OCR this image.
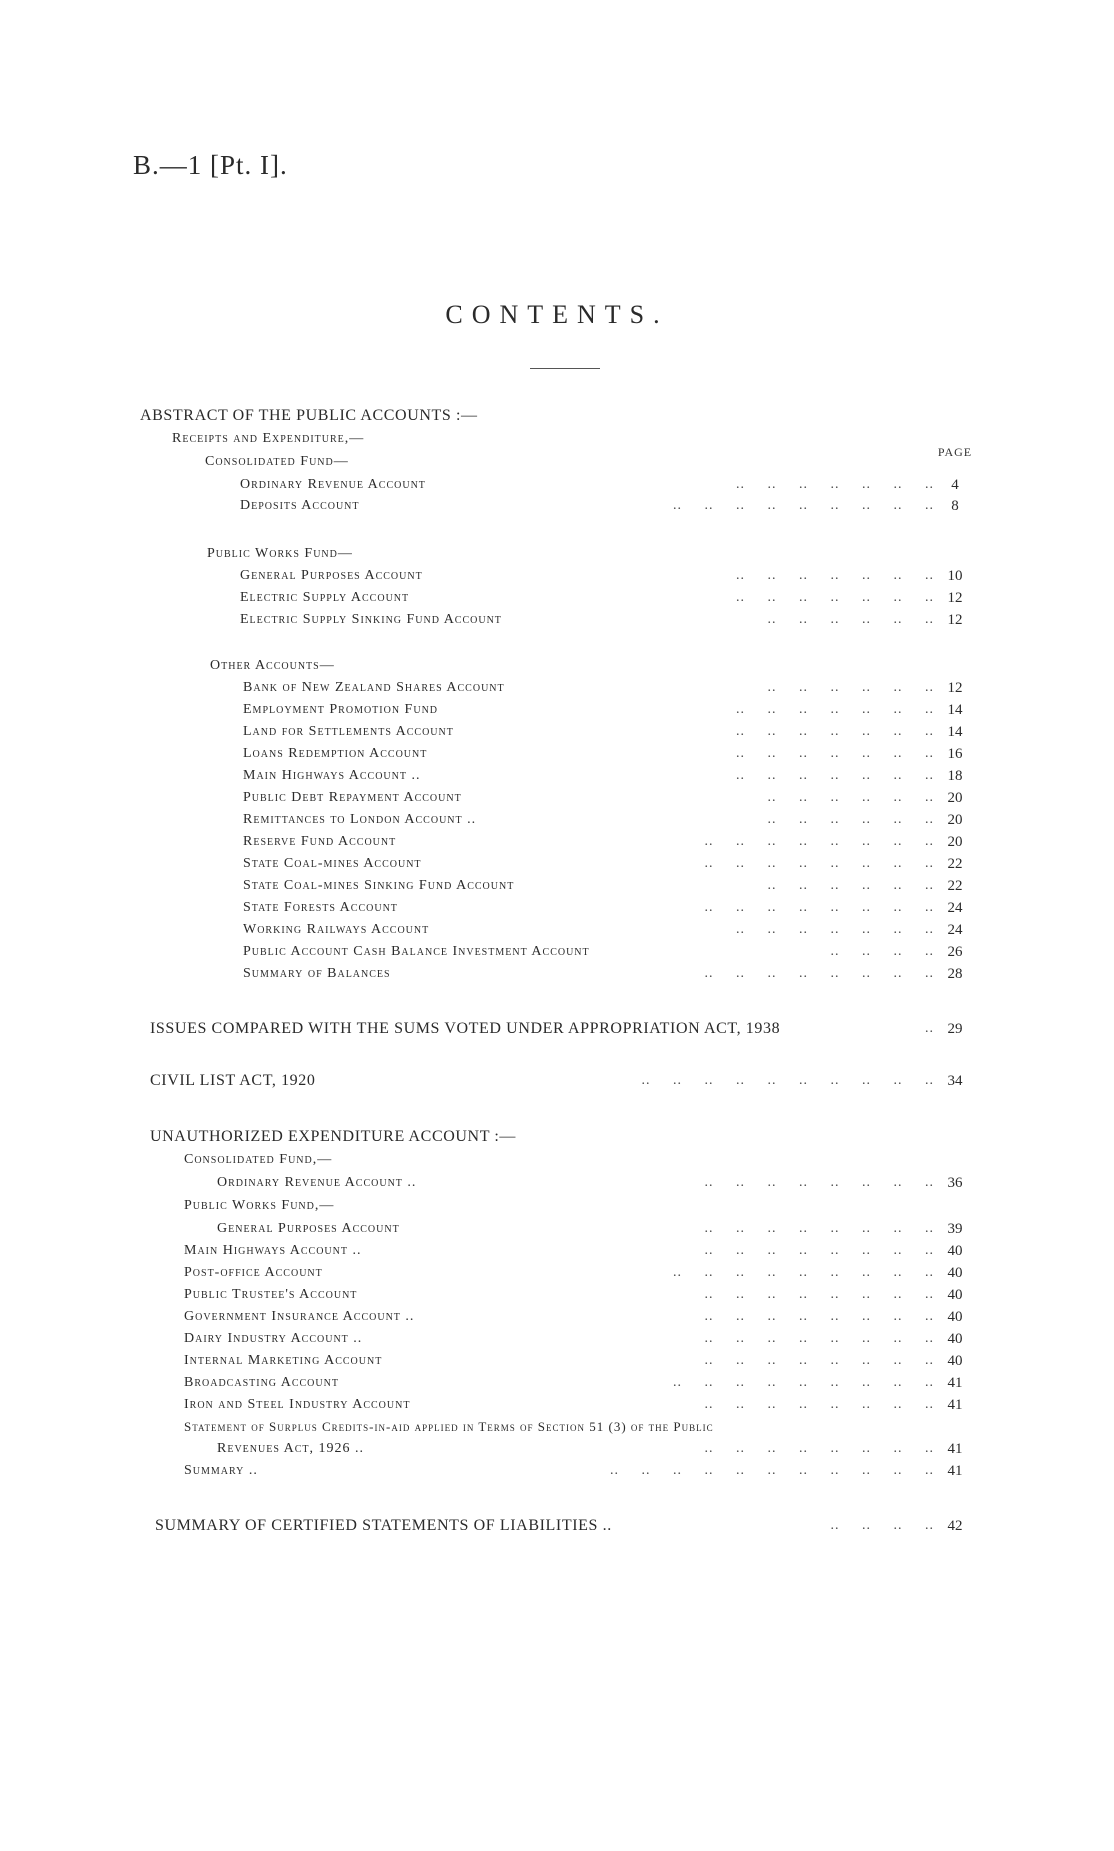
B.—1 [Pt. I].
CONTENTS.
PAGE
ABSTRACT OF THE PUBLIC ACCOUNTS :—
Receipts and Expenditure,—
Consolidated Fund—
Ordinary Revenue Account	..     ..     ..     ..     ..     ..     ..	4
Deposits Account	..     ..     ..     ..     ..     ..     ..     ..     ..	8
Public Works Fund—
General Purposes Account	..     ..     ..     ..     ..     ..     .. 10
Electric Supply Account	..     ..     ..     ..     ..     ..     .. 12
Electric Supply Sinking Fund Account	..     ..     ..     ..     ..     .. 12
Other Accounts—
Bank of New Zealand Shares Account	..     ..     ..     ..     ..     .. 12
Employment Promotion Fund	..     ..     ..     ..     ..     ..     .. 14
Land for Settlements Account	..     ..     ..     ..     ..     ..     .. 14
Loans Redemption Account	..     ..     ..     ..     ..     ..     .. 16
Main Highways Account ..	..     ..     ..     ..     ..     ..     .. 18
Public Debt Repayment Account	..     ..     ..     ..     ..     .. 20
Remittances to London Account ..	..     ..     ..     ..     ..     .. 20
Reserve Fund Account	..     ..     ..     ..     ..     ..     ..     .. 20
State Coal-mines Account	..     ..     ..     ..     ..     ..     ..     .. 22
State Coal-mines Sinking Fund Account	..     ..     ..     ..     ..     .. 22
State Forests Account	..     ..     ..     ..     ..     ..     ..     .. 24
Working Railways Account	..     ..     ..     ..     ..     ..     .. 24
Public Account Cash Balance Investment Account	..     ..     ..     .. 26
Summary of Balances	..     ..     ..     ..     ..     ..     ..     .. 28
ISSUES COMPARED WITH THE SUMS VOTED UNDER APPROPRIATION ACT, 1938	.. 29
CIVIL LIST ACT, 1920	..     ..     ..     ..     ..     ..     ..     ..     ..     .. 34
UNAUTHORIZED EXPENDITURE ACCOUNT :—
Consolidated Fund,—
Ordinary Revenue Account ..	..     ..     ..     ..     ..     ..     ..     .. 36
Public Works Fund,—
General Purposes Account	..     ..     ..     ..     ..     ..     ..     .. 39
Main Highways Account ..	..     ..     ..     ..     ..     ..     ..     .. 40
Post-office Account	..     ..     ..     ..     ..     ..     ..     ..     .. 40
Public Trustee's Account	..     ..     ..     ..     ..     ..     ..     .. 40
Government Insurance Account ..	..     ..     ..     ..     ..     ..     ..     .. 40
Dairy Industry Account ..	..     ..     ..     ..     ..     ..     ..     .. 40
Internal Marketing Account	..     ..     ..     ..     ..     ..     ..     .. 40
Broadcasting Account	..     ..     ..     ..     ..     ..     ..     ..     .. 41
Iron and Steel Industry Account	..     ..     ..     ..     ..     ..     ..     .. 41
Statement of Surplus Credits-in-aid applied in Terms of Section 51 (3) of the Public
Revenues Act, 1926 ..	..     ..     ..     ..     ..     ..     ..     .. 41
Summary ..	..     ..     ..     ..     ..     ..     ..     ..     ..     ..     .. 41
SUMMARY OF CERTIFIED STATEMENTS OF LIABILITIES ..	..     ..     ..     .. 42
